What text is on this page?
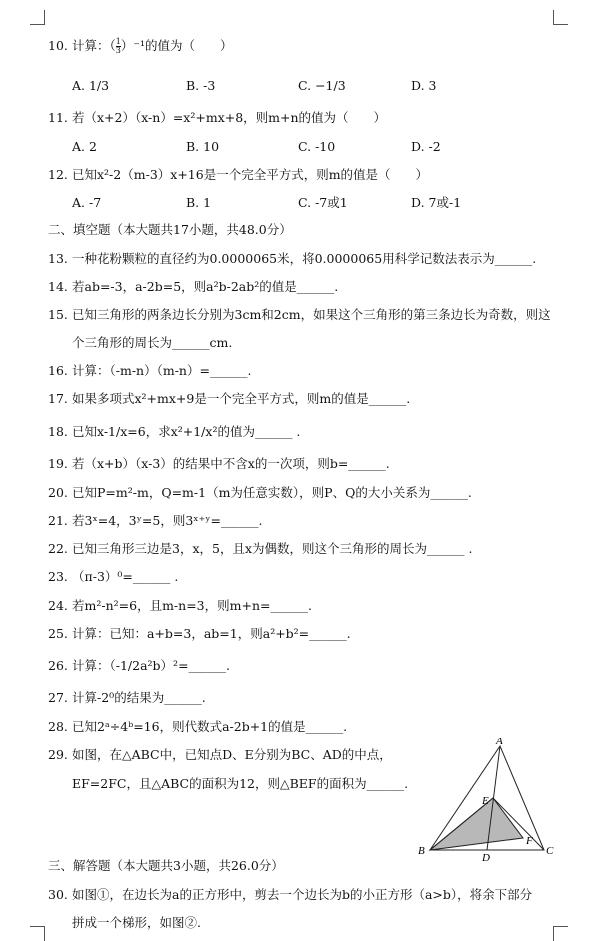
10. 计算：（ $\frac{1}{3} )^{-1}$的值为（　　）
A. 1/3	B. -3	C. −1/3	D. 3
11. 若（x+2）（x-n）=x²+mx+8，则m+n的值为（　　）
A. 2	B. 10	C. -10	D. -2
12. 已知x²-2（m-3）x+16是一个完全平方式，则m的值是（　　）
A. -7	B. 1	C. -7或1	D. 7或-1
二、填空题（本大题共17小题，共48.0分）
13. 一种花粉颗粒的直径约为0.0000065米，将0.0000065用科学记数法表示为______.
14. 若ab=-3，a-2b=5，则a²b-2ab²的值是______.
15. 已知三角形的两条边长分别为3cm和2cm，如果这个三角形的第三条边长为奇数，则这
个三角形的周长为______cm.
16. 计算：（-m-n）（m-n）=______.
17. 如果多项式x²+mx+9是一个完全平方式，则m的值是______.
18. 已知x-1/x=6，求x²+1/x²的值为______ .
19. 若（x+b）（x-3）的结果中不含x的一次项，则b=______.
20. 已知P=m²-m，Q=m-1（m为任意实数），则P、Q的大小关系为______.
21. 若3ˣ=4，3ʸ=5，则3ˣ⁺ʸ=______.
22. 已知三角形三边是3，x，5，且x为偶数，则这个三角形的周长为______ .
23. （π-3）⁰=______ .
24. 若m²-n²=6，且m-n=3，则m+n=______.
25. 计算：已知：a+b=3，ab=1，则a²+b²=______.
26. 计算：（-1/2a²b）²=______.
27. 计算-2⁰的结果为______.
28. 已知2ᵃ÷4ᵇ=16，则代数式a-2b+1的值是______.
29. 如图，在△ABC中，已知点D、E分别为BC、AD的中点，
EF=2FC，且△ABC的面积为12，则△BEF的面积为______.
A
B	C
D
E
F
三、解答题（本大题共3小题，共26.0分）
30. 如图①，在边长为a的正方形中，剪去一个边长为b的小正方形（a>b），将余下部分
拼成一个梯形，如图②.
